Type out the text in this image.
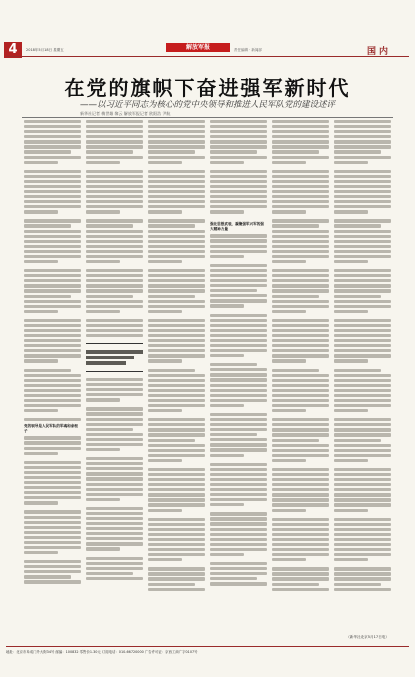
4	2018年5月18日 星期五	解放军报	责任编辑 · 新闻部	国内
在党的旗帜下奋进强军新时代
——以习近平同志为核心的党中央领导和推进人民军队党的建设述评
新华社记者 梅世雄 黎云 解放军报记者 欧阳浩 尹航
党的领导是人民军队的军魂和命根子
强化思想武装，凝聚强军兴军的强大精神力量
（新华社北京5月17日电）
地址：北京市阜成门外大街34号 邮编：100832 零售价1.30元 订阅电话：010-66720000 广告许可证：京西工商广字0107号
